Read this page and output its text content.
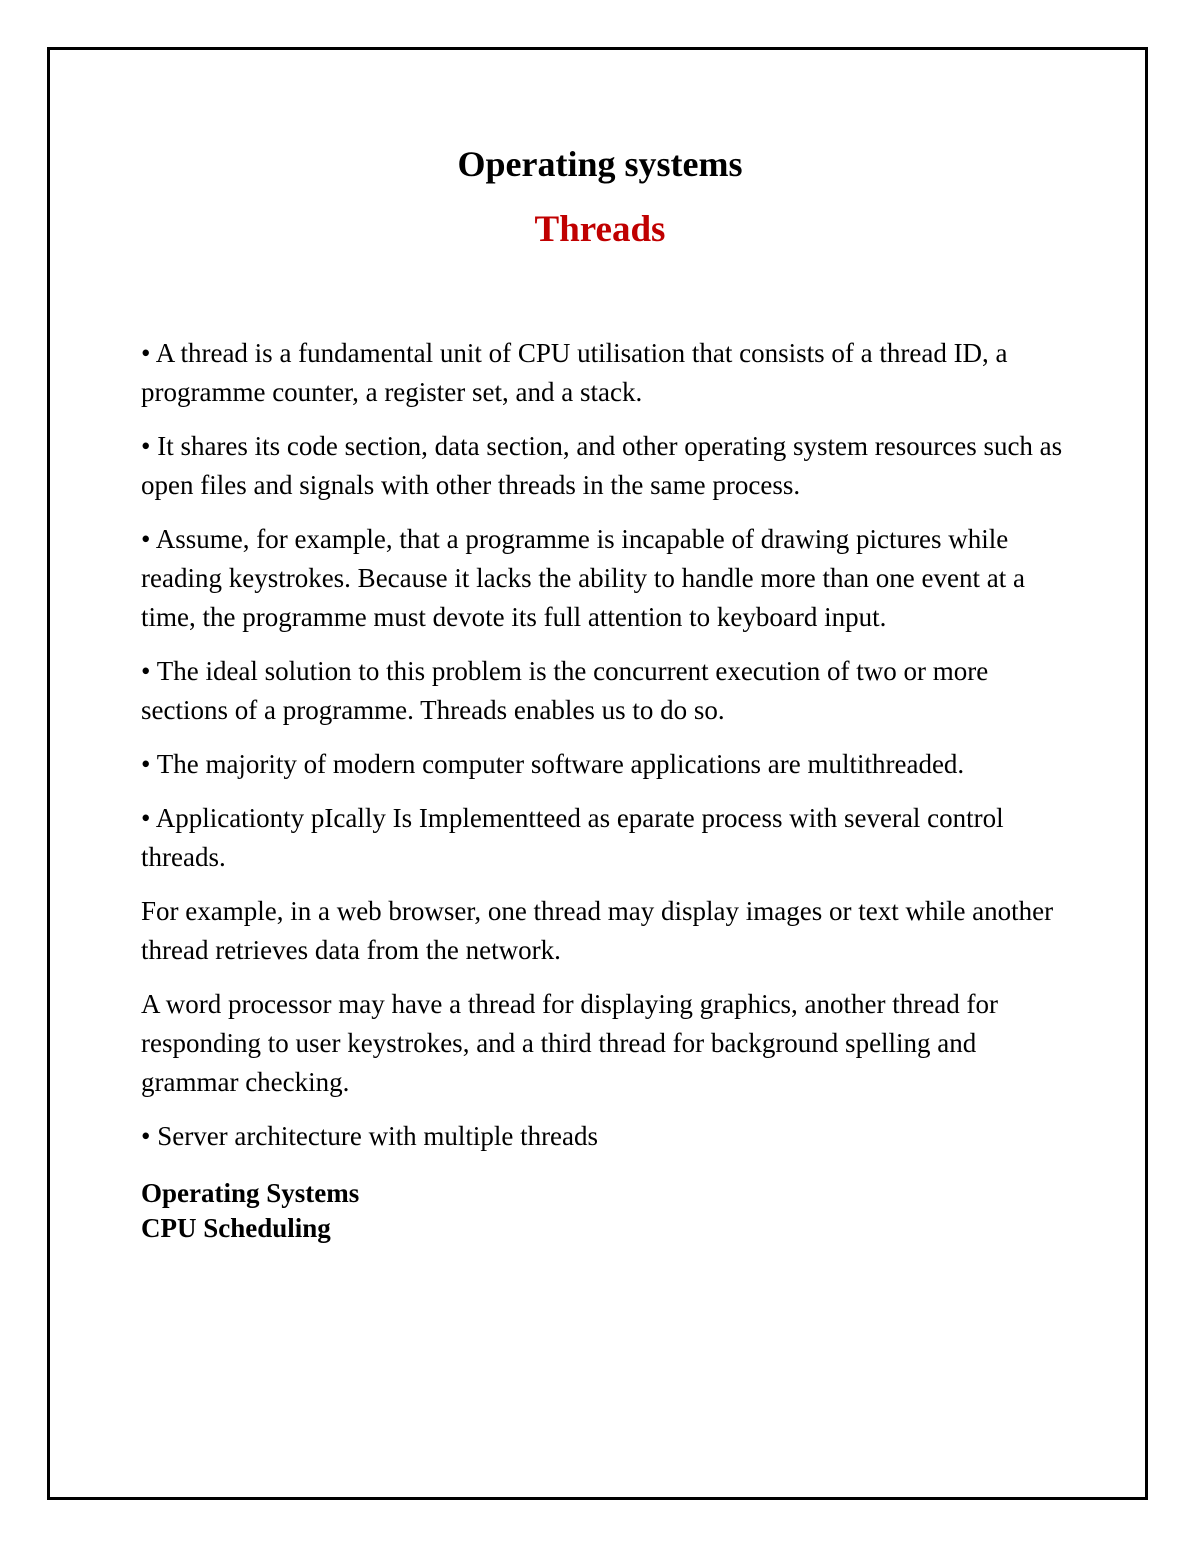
Operating systems
Threads

• A thread is a fundamental unit of CPU utilisation that consists of a thread ID, a programme counter, a register set, and a stack.

• It shares its code section, data section, and other operating system resources such as open files and signals with other threads in the same process.

• Assume, for example, that a programme is incapable of drawing pictures while reading keystrokes. Because it lacks the ability to handle more than one event at a time, the programme must devote its full attention to keyboard input.

• The ideal solution to this problem is the concurrent execution of two or more sections of a programme. Threads enables us to do so.

• The majority of modern computer software applications are multithreaded.

• Applicationty pIcally Is Implementteed as eparate process with several control threads.

For example, in a web browser, one thread may display images or text while another thread retrieves data from the network.

A word processor may have a thread for displaying graphics, another thread for responding to user keystrokes, and a third thread for background spelling and grammar checking.

• Server architecture with multiple threads

Operating Systems
CPU Scheduling
